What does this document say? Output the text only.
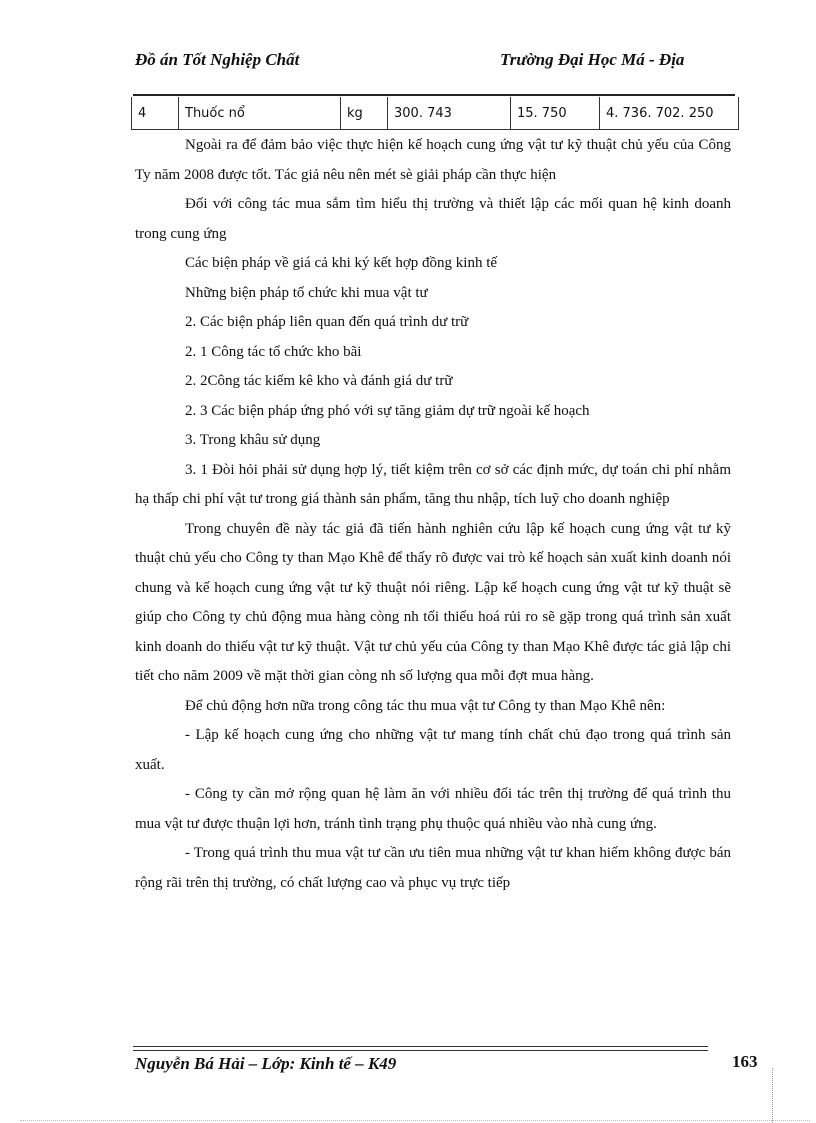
Đồ án Tốt Nghiệp Chất	Trường Đại Học Má - Địa
4	Thuốc nổ	kg	300. 743	15. 750	4. 736. 702. 250

Ngoài ra để đảm bảo việc thực hiện kế hoạch cung ứng vật tư kỹ thuật chủ yếu của Công Ty năm 2008 được tốt. Tác giả nêu nên mét sè giải pháp cần thực hiện

Đối với công tác mua sắm tìm hiểu thị trường và thiết lập các mối quan hệ kinh doanh trong cung ứng

Các biện pháp về giá cả khi ký kết hợp đồng kinh tế

Những biện pháp tổ chức khi mua vật tư

2. Các biện pháp liên quan đến quá trình dư trữ

2. 1 Công tác tổ chức kho bãi

2. 2Công tác kiểm kê kho và đánh giá dư trữ

2. 3 Các biện pháp ứng phó với sự tăng giảm dự trữ ngoài kế hoạch

3. Trong khâu sử dụng

3. 1 Đòi hỏi phải sử dụng hợp lý, tiết kiệm trên cơ sở các định mức, dự toán chi phí nhằm hạ thấp chi phí vật tư trong giá thành sản phẩm, tăng thu nhập, tích luỹ cho doanh nghiệp

Trong chuyên đề này tác giả đã tiến hành nghiên cứu lập kế hoạch cung ứng vật tư kỹ thuật chủ yếu cho Công ty than Mạo Khê để thấy rõ được vai trò kế hoạch sản xuất kinh doanh nói chung và kế hoạch cung ứng vật tư kỹ thuật nói riêng. Lập kế hoạch cung ứng vật tư kỹ thuật sẽ giúp cho Công ty chủ động mua hàng còng nh tối thiểu hoá rủi ro sẽ gặp trong quá trình sản xuất kinh doanh do thiếu vật tư kỹ thuật. Vật tư chủ yếu của Công ty than Mạo Khê được tác giả lập chi tiết cho năm 2009 về mặt thời gian còng nh số lượng qua mỗi đợt mua hàng.

Để chủ động hơn nữa trong công tác thu mua vật tư Công ty than Mạo Khê nên:

- Lập kế hoạch cung ứng cho những vật tư mang tính chất chủ đạo trong quá trình sản xuất.

- Công ty cần mở rộng quan hệ làm ăn với nhiều đối tác trên thị trường để quá trình thu mua vật tư được thuận lợi hơn, tránh tình trạng phụ thuộc quá nhiều vào nhà cung ứng.

- Trong quá trình thu mua vật tư cần ưu tiên mua những vật tư khan hiếm không được bán rộng rãi trên thị trường, có chất lượng cao và phục vụ trực tiếp

Nguyễn Bá Hải – Lớp: Kinh tế – K49	163
